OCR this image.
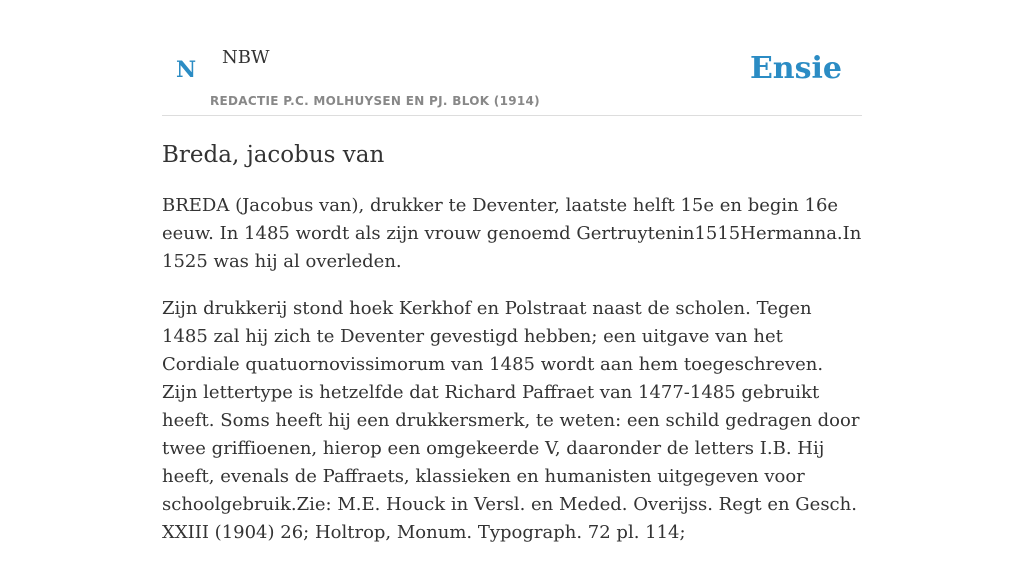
N NBW
REDACTIE P.C. MOLHUYSEN EN PJ. BLOK (1914)
Ensie
Breda, jacobus van

BREDA (Jacobus van), drukker te Deventer, laatste helft 15e en begin 16e eeuw. In 1485 wordt als zijn vrouw genoemd Gertruytenin1515Hermanna.In 1525 was hij al overleden.

Zijn drukkerij stond hoek Kerkhof en Polstraat naast de scholen. Tegen 1485 zal hij zich te Deventer gevestigd hebben; een uitgave van het Cordiale quatuornovissimorum van 1485 wordt aan hem toegeschreven. Zijn lettertype is hetzelfde dat Richard Paffraet van 1477-1485 gebruikt heeft. Soms heeft hij een drukkersmerk, te weten: een schild gedragen door twee griffioenen, hierop een omgekeerde V, daaronder de letters I.B. Hij heeft, evenals de Paffraets, klassieken en humanisten uitgegeven voor schoolgebruik.Zie: M.E. Houck in Versl. en Meded. Overijss. Regt en Gesch. XXIII (1904) 26; Holtrop, Monum. Typograph. 72 pl. 114;
